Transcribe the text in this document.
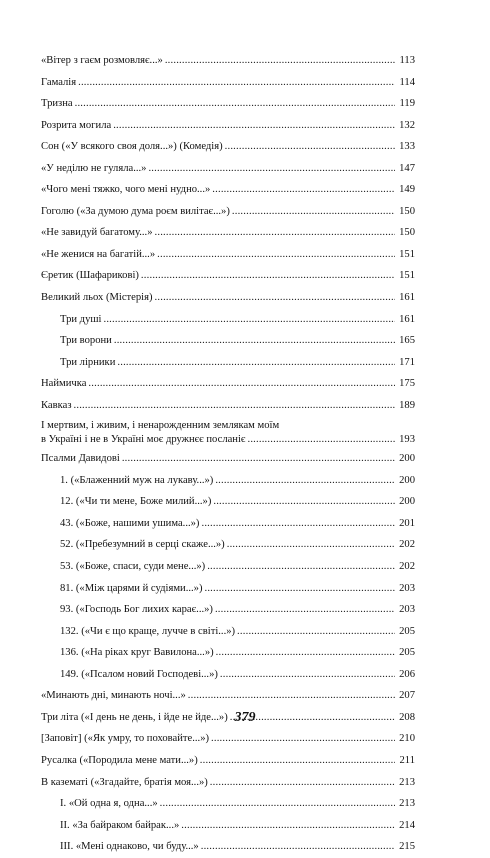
«Вітер з гаєм розмовляє...» .....	113
Гамалія .....	114
Тризна .....	119
Розрита могила .....	132
Сон («У всякого своя доля...») (Комедія) .....	133
«У неділю не гуляла...» .....	147
«Чого мені тяжко, чого мені нудно...» .....	149
Гоголю («За думою дума роєм вилітає...») .....	150
«Не завидуй багатому...» .....	150
«Не женися на багатій...» .....	151
Єретик (Шафарикові) .....	151
Великий льох (Містерія) .....	161
Три душі .....	161
Три ворони .....	165
Три лірники .....	171
Наймичка .....	175
Кавказ .....	189
І мертвим, і живим, і ненарожденним землякам моїм
в Україні і не в Україні моє дружнєє посланіє .....	193
Псалми Давидові .....	200
1. («Блаженний муж на лукаву...») .....	200
12. («Чи ти мене, Боже милий...») .....	200
43. («Боже, нашими ушима...») .....	201
52. («Пребезумний в серці скаже...») .....	202
53. («Боже, спаси, суди мене...») .....	202
81. («Між царями й судіями...») .....	203
93. («Господь Бог лихих карає...») .....	203
132. («Чи є що краще, лучче в світі...») .....	205
136. («На ріках круг Вавилона...») .....	205
149. («Псалом новий Господеві...») .....	206
«Минають дні, минають ночі...» .....	207
Три літа («І день не день, і йде не йде...») .....	208
[Заповіт] («Як умру, то поховайте...») .....	210
Русалка («Породила мене мати...») .....	211
В казематі («Згадайте, братія моя...») .....	213
І. «Ой одна я, одна...» .....	213
ІІ. «За байраком байрак...» .....	214
ІІІ. «Мені однаково, чи буду...» .....	215
379
